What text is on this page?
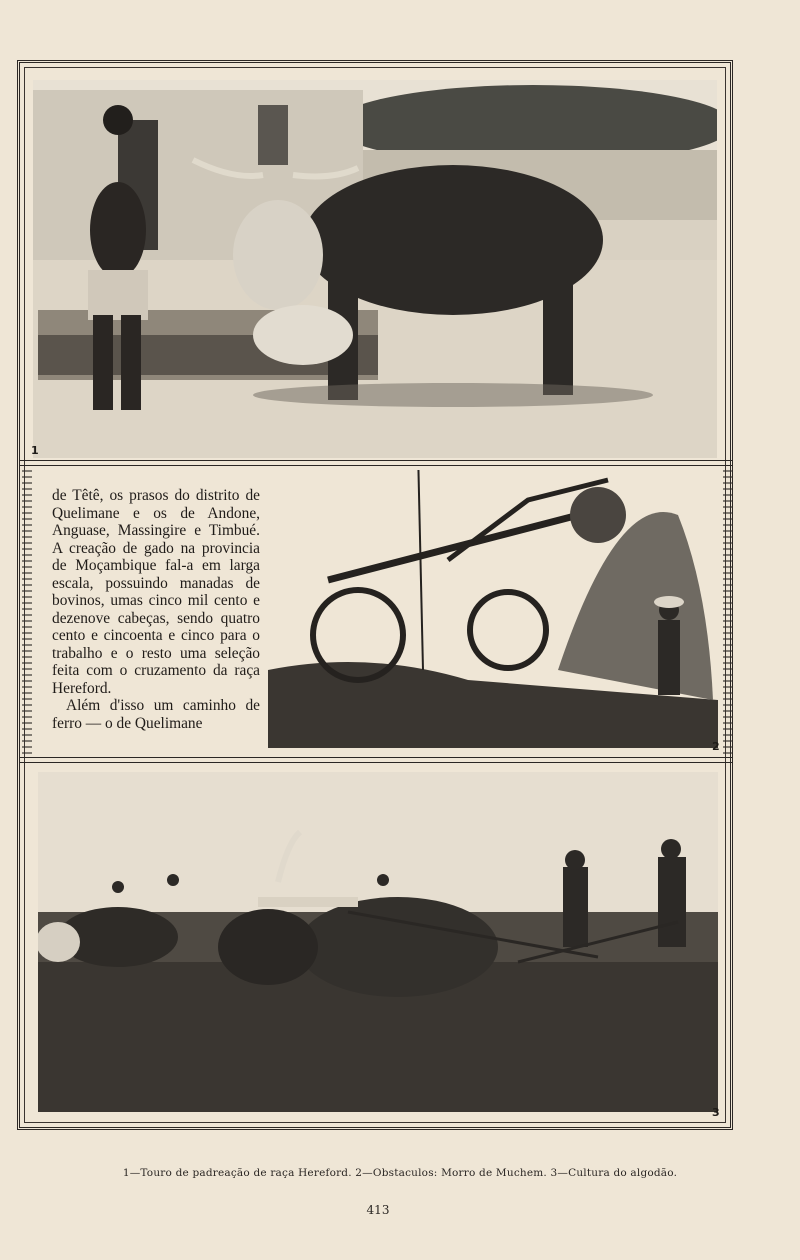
1

de Têtê, os prasos do distrito de Quelimane e os de Andone, Anguase, Massingire e Timbué. A creação de gado na provincia de Moçambique fal-a em larga escala, possuindo manadas de bovinos, umas cinco mil cento e dezenove cabeças, sendo quatro cento e cincoenta e cinco para o trabalho e o resto uma seleção feita com o cruzamento da raça Hereford.

Além d'isso um caminho de ferro — o de Quelimane

2
3
1—Touro de padreação de raça Hereford. 2—Obstaculos: Morro de Muchem. 3—Cultura do algodão.
413
